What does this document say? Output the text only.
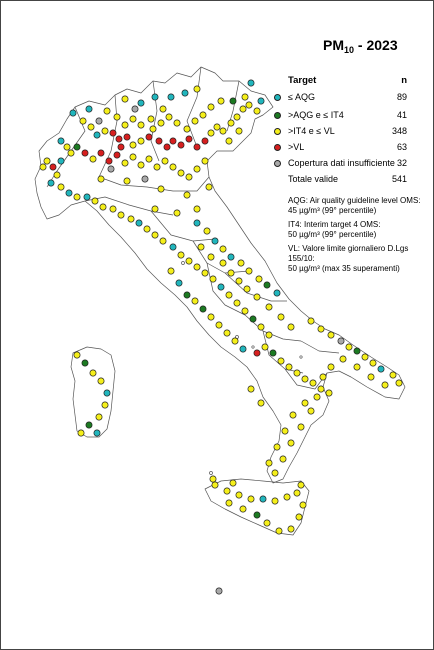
$PM_{10} - 2023$
Target	n
≤ AQG	89
>AQG e ≤ IT4	41
>IT4 e ≤ VL	348
>VL	63
Copertura dati insufficiente 32
Totale valide	541
AQG: Air quality guideline level OMS:
45 µg/m³ (99° percentile)
IT4: Interim target 4 OMS:
50 µg/m³ (99° percentile)
VL: Valore limite giornaliero D.Lgs 155/10:
50 µg/m³ (max 35 superamenti)
